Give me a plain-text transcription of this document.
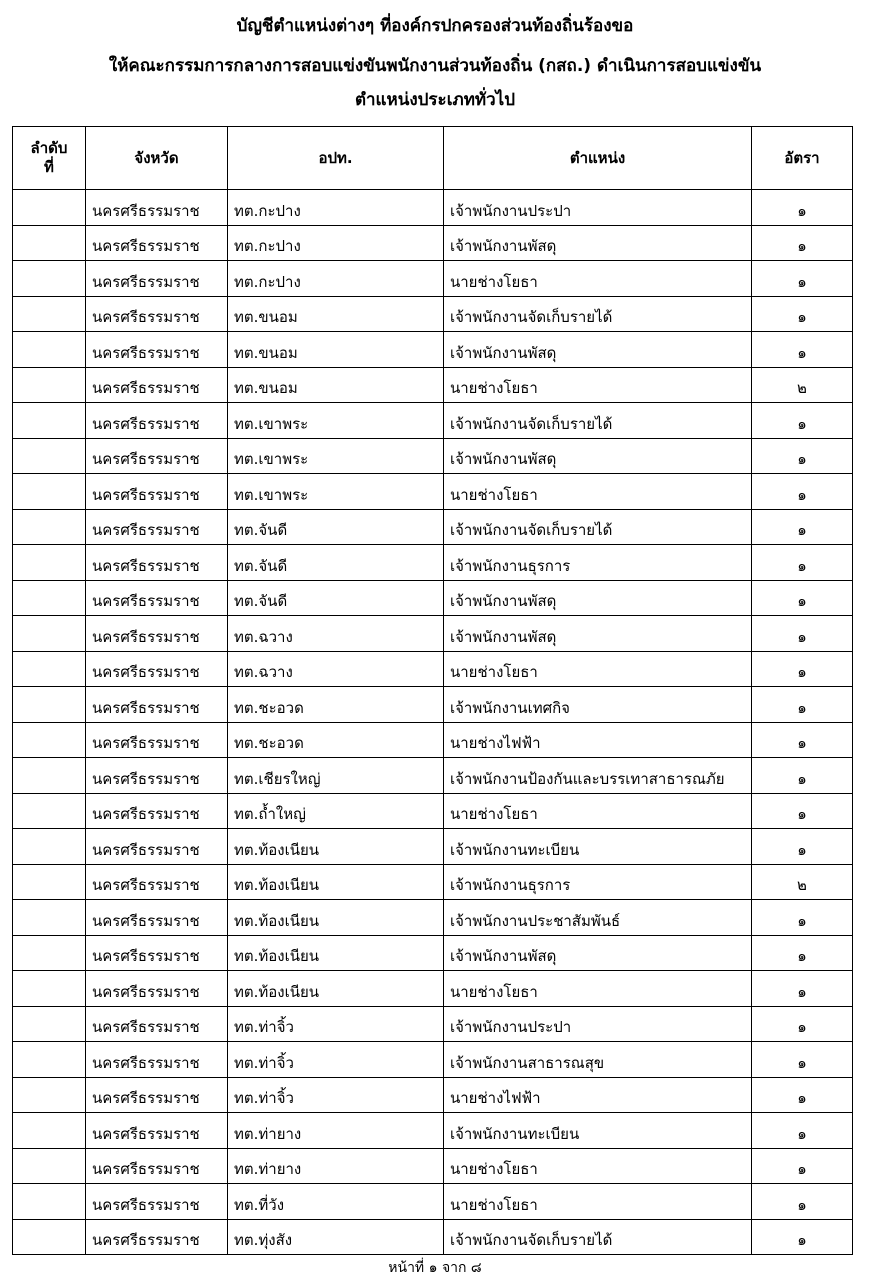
บัญชีตำแหน่งต่างๆ ที่องค์กรปกครองส่วนท้องถิ่นร้องขอ
ให้คณะกรรมการกลางการสอบแข่งขันพนักงานส่วนท้องถิ่น (กสถ.) ดำเนินการสอบแข่งขัน
ตำแหน่งประเภททั่วไป
ลำดับ
ที่	จังหวัด	อปท.	ตำแหน่ง	อัตรา
	นครศรีธรรมราช	ทต.กะปาง	เจ้าพนักงานประปา	๑
	นครศรีธรรมราช	ทต.กะปาง	เจ้าพนักงานพัสดุ	๑
	นครศรีธรรมราช	ทต.กะปาง	นายช่างโยธา	๑
	นครศรีธรรมราช	ทต.ขนอม	เจ้าพนักงานจัดเก็บรายได้	๑
	นครศรีธรรมราช	ทต.ขนอม	เจ้าพนักงานพัสดุ	๑
	นครศรีธรรมราช	ทต.ขนอม	นายช่างโยธา	๒
	นครศรีธรรมราช	ทต.เขาพระ	เจ้าพนักงานจัดเก็บรายได้	๑
	นครศรีธรรมราช	ทต.เขาพระ	เจ้าพนักงานพัสดุ	๑
	นครศรีธรรมราช	ทต.เขาพระ	นายช่างโยธา	๑
	นครศรีธรรมราช	ทต.จันดี	เจ้าพนักงานจัดเก็บรายได้	๑
	นครศรีธรรมราช	ทต.จันดี	เจ้าพนักงานธุรการ	๑
	นครศรีธรรมราช	ทต.จันดี	เจ้าพนักงานพัสดุ	๑
	นครศรีธรรมราช	ทต.ฉวาง	เจ้าพนักงานพัสดุ	๑
	นครศรีธรรมราช	ทต.ฉวาง	นายช่างโยธา	๑
	นครศรีธรรมราช	ทต.ชะอวด	เจ้าพนักงานเทศกิจ	๑
	นครศรีธรรมราช	ทต.ชะอวด	นายช่างไฟฟ้า	๑
	นครศรีธรรมราช	ทต.เชียรใหญ่	เจ้าพนักงานป้องกันและบรรเทาสาธารณภัย	๑
	นครศรีธรรมราช	ทต.ถ้ำใหญ่	นายช่างโยธา	๑
	นครศรีธรรมราช	ทต.ท้องเนียน	เจ้าพนักงานทะเบียน	๑
	นครศรีธรรมราช	ทต.ท้องเนียน	เจ้าพนักงานธุรการ	๒
	นครศรีธรรมราช	ทต.ท้องเนียน	เจ้าพนักงานประชาสัมพันธ์	๑
	นครศรีธรรมราช	ทต.ท้องเนียน	เจ้าพนักงานพัสดุ	๑
	นครศรีธรรมราช	ทต.ท้องเนียน	นายช่างโยธา	๑
	นครศรีธรรมราช	ทต.ท่าจิ้ว	เจ้าพนักงานประปา	๑
	นครศรีธรรมราช	ทต.ท่าจิ้ว	เจ้าพนักงานสาธารณสุข	๑
	นครศรีธรรมราช	ทต.ท่าจิ้ว	นายช่างไฟฟ้า	๑
	นครศรีธรรมราช	ทต.ท่ายาง	เจ้าพนักงานทะเบียน	๑
	นครศรีธรรมราช	ทต.ท่ายาง	นายช่างโยธา	๑
	นครศรีธรรมราช	ทต.ที่วัง	นายช่างโยธา	๑
	นครศรีธรรมราช	ทต.ทุ่งสัง	เจ้าพนักงานจัดเก็บรายได้	๑
หน้าที่ ๑ จาก ๘
